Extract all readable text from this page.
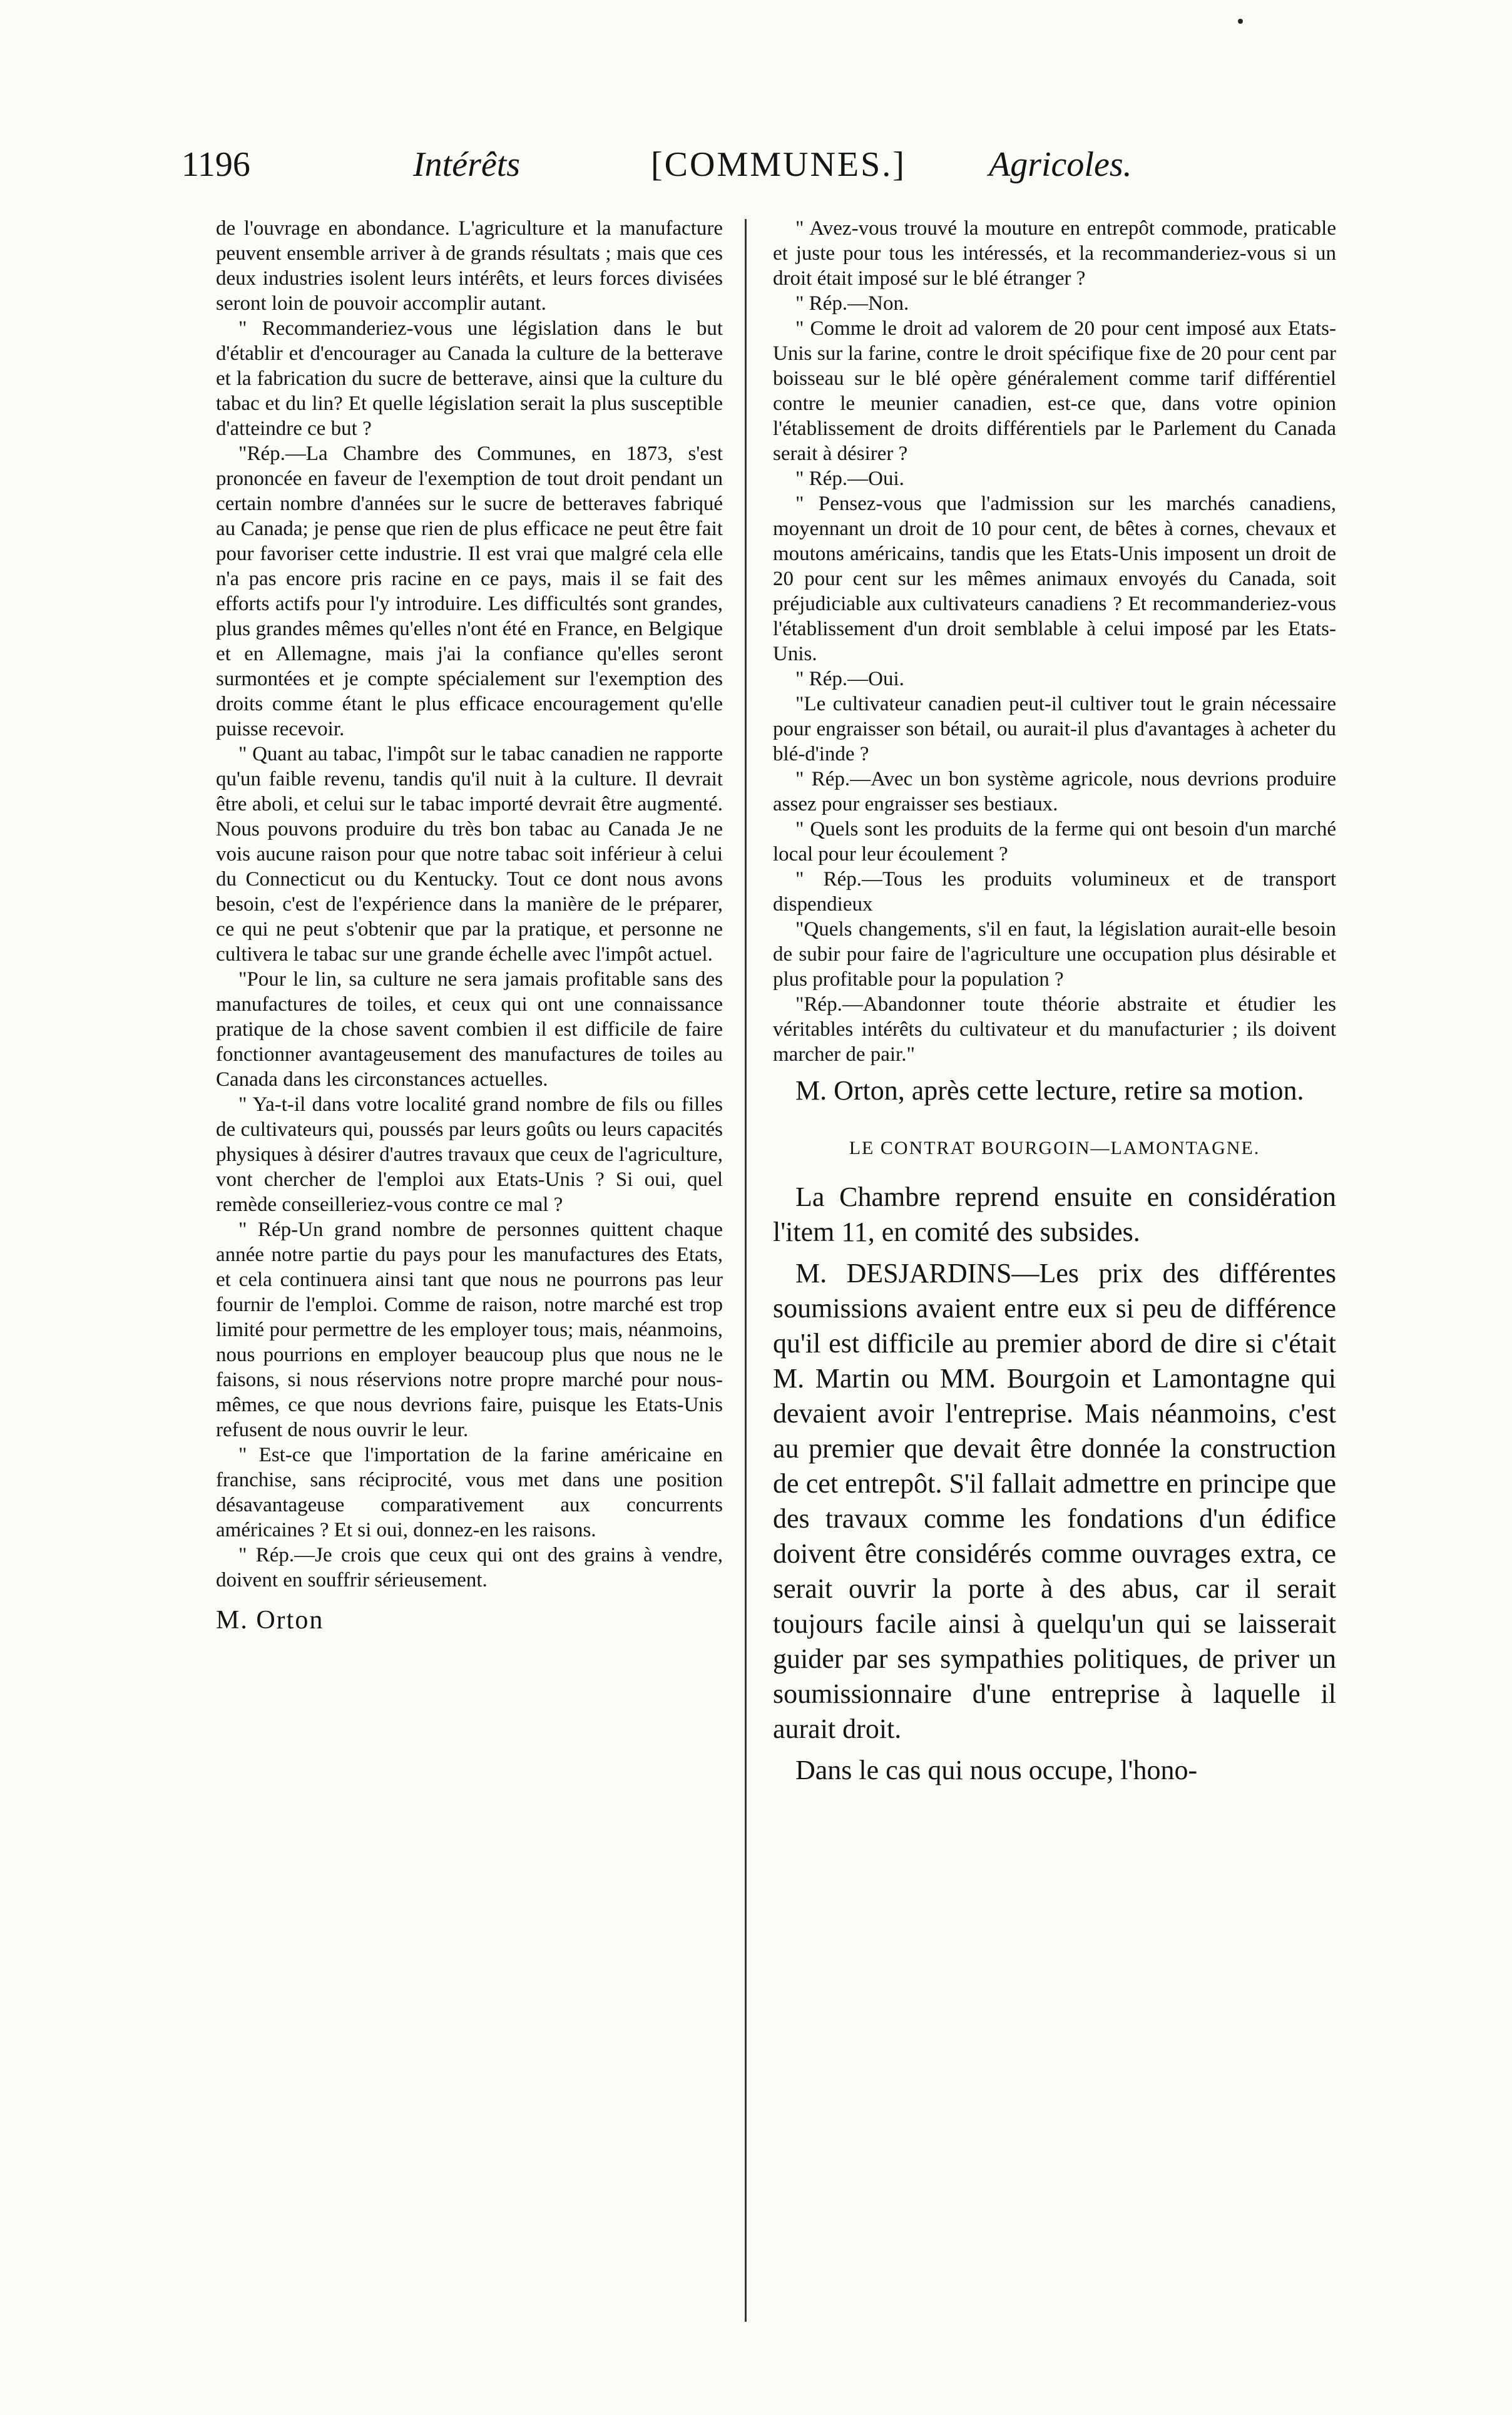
1196	Intérêts	[COMMUNES.] Agricoles.

de l'ouvrage en abondance. L'agriculture et la manufacture peuvent ensemble arriver à de grands résultats ; mais que ces deux industries isolent leurs intérêts, et leurs forces divisées seront loin de pouvoir accomplir autant.

" Recommanderiez-vous une législation dans le but d'établir et d'encourager au Canada la culture de la betterave et la fabrication du sucre de betterave, ainsi que la culture du tabac et du lin? Et quelle législation serait la plus susceptible d'atteindre ce but ?

"Rép.—La Chambre des Communes, en 1873, s'est prononcée en faveur de l'exemption de tout droit pendant un certain nombre d'années sur le sucre de betteraves fabriqué au Canada; je pense que rien de plus efficace ne peut être fait pour favoriser cette industrie. Il est vrai que malgré cela elle n'a pas encore pris racine en ce pays, mais il se fait des efforts actifs pour l'y introduire. Les difficultés sont grandes, plus grandes mêmes qu'elles n'ont été en France, en Belgique et en Allemagne, mais j'ai la confiance qu'elles seront surmontées et je compte spécialement sur l'exemption des droits comme étant le plus efficace encouragement qu'elle puisse recevoir.

" Quant au tabac, l'impôt sur le tabac canadien ne rapporte qu'un faible revenu, tandis qu'il nuit à la culture. Il devrait être aboli, et celui sur le tabac importé devrait être augmenté. Nous pouvons produire du très bon tabac au Canada Je ne vois aucune raison pour que notre tabac soit inférieur à celui du Connecticut ou du Kentucky. Tout ce dont nous avons besoin, c'est de l'expérience dans la manière de le préparer, ce qui ne peut s'obtenir que par la pratique, et personne ne cultivera le tabac sur une grande échelle avec l'impôt actuel.

"Pour le lin, sa culture ne sera jamais profitable sans des manufactures de toiles, et ceux qui ont une connaissance pratique de la chose savent combien il est difficile de faire fonctionner avantageusement des manufactures de toiles au Canada dans les circonstances actuelles.

" Ya-t-il dans votre localité grand nombre de fils ou filles de cultivateurs qui, poussés par leurs goûts ou leurs capacités physiques à désirer d'autres travaux que ceux de l'agriculture, vont chercher de l'emploi aux Etats-Unis ? Si oui, quel remède conseilleriez-vous contre ce mal ?

" Rép-Un grand nombre de personnes quittent chaque année notre partie du pays pour les manufactures des Etats, et cela continuera ainsi tant que nous ne pourrons pas leur fournir de l'emploi. Comme de raison, notre marché est trop limité pour permettre de les employer tous; mais, néanmoins, nous pourrions en employer beaucoup plus que nous ne le faisons, si nous réservions notre propre marché pour nous-mêmes, ce que nous devrions faire, puisque les Etats-Unis refusent de nous ouvrir le leur.

" Est-ce que l'importation de la farine américaine en franchise, sans réciprocité, vous met dans une position désavantageuse comparativement aux concurrents américaines ? Et si oui, donnez-en les raisons.

" Rép.—Je crois que ceux qui ont des grains à vendre, doivent en souffrir sérieusement.

M. Orton

" Avez-vous trouvé la mouture en entrepôt commode, praticable et juste pour tous les intéressés, et la recommanderiez-vous si un droit était imposé sur le blé étranger ?

" Rép.—Non.

" Comme le droit ad valorem de 20 pour cent imposé aux Etats-Unis sur la farine, contre le droit spécifique fixe de 20 pour cent par boisseau sur le blé opère généralement comme tarif différentiel contre le meunier canadien, est-ce que, dans votre opinion l'établissement de droits différentiels par le Parlement du Canada serait à désirer ?

" Rép.—Oui.

" Pensez-vous que l'admission sur les marchés canadiens, moyennant un droit de 10 pour cent, de bêtes à cornes, chevaux et moutons américains, tandis que les Etats-Unis imposent un droit de 20 pour cent sur les mêmes animaux envoyés du Canada, soit préjudiciable aux cultivateurs canadiens ? Et recommanderiez-vous l'établissement d'un droit semblable à celui imposé par les Etats-Unis.

" Rép.—Oui.

"Le cultivateur canadien peut-il cultiver tout le grain nécessaire pour engraisser son bétail, ou aurait-il plus d'avantages à acheter du blé-d'inde ?

" Rép.—Avec un bon système agricole, nous devrions produire assez pour engraisser ses bestiaux.

" Quels sont les produits de la ferme qui ont besoin d'un marché local pour leur écoulement ?

" Rép.—Tous les produits volumineux et de transport dispendieux

"Quels changements, s'il en faut, la législation aurait-elle besoin de subir pour faire de l'agriculture une occupation plus désirable et plus profitable pour la population ?

"Rép.—Abandonner toute théorie abstraite et étudier les véritables intérêts du cultivateur et du manufacturier ; ils doivent marcher de pair."

M. Orton, après cette lecture, retire sa motion.

LE CONTRAT BOURGOIN—LAMONTAGNE.

La Chambre reprend ensuite en considération l'item 11, en comité des subsides.

M. DESJARDINS—Les prix des différentes soumissions avaient entre eux si peu de différence qu'il est difficile au premier abord de dire si c'était M. Martin ou MM. Bourgoin et Lamontagne qui devaient avoir l'entreprise. Mais néanmoins, c'est au premier que devait être donnée la construction de cet entrepôt. S'il fallait admettre en principe que des travaux comme les fondations d'un édifice doivent être considérés comme ouvrages extra, ce serait ouvrir la porte à des abus, car il serait toujours facile ainsi à quelqu'un qui se laisserait guider par ses sympathies politiques, de priver un soumissionnaire d'une entreprise à laquelle il aurait droit.

Dans le cas qui nous occupe, l'hono-
